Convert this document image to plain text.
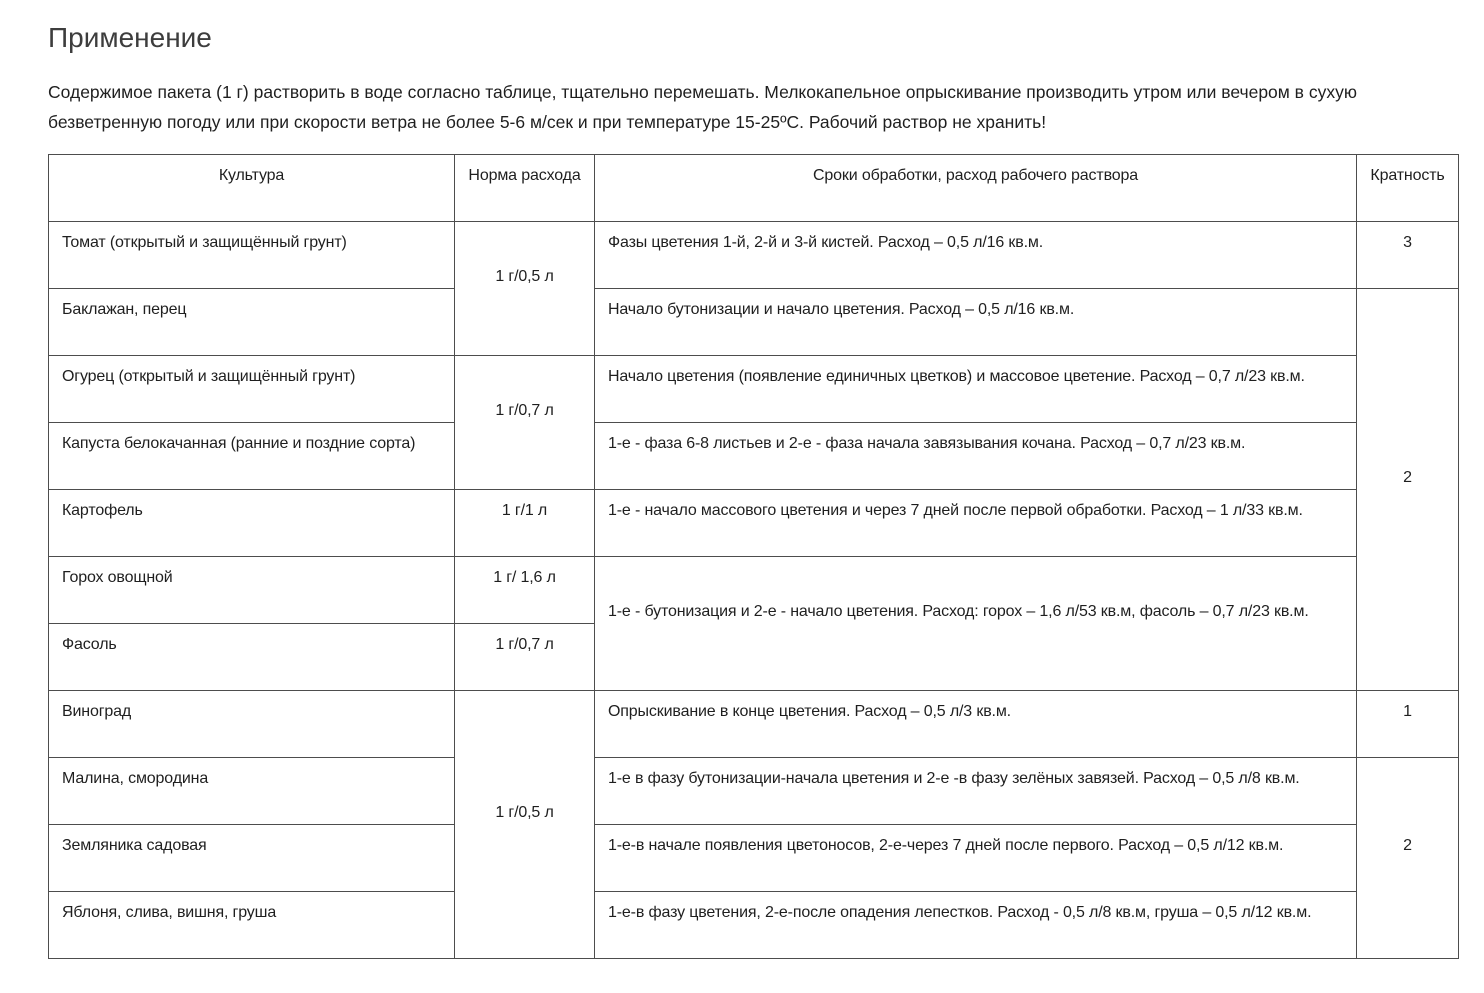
Применение

Содержимое пакета (1 г) растворить в воде согласно таблице, тщательно перемешать. Мелкокапельное опрыскивание производить утром или вечером в сухую безветренную погоду или при скорости ветра не более 5-6 м/сек и при температуре 15-25ºС. Рабочий раствор не хранить!

Культура	Норма расхода	Сроки обработки, расход рабочего раствора	Кратность
Томат (открытый и защищённый грунт)	1 г/0,5 л	Фазы цветения 1-й, 2-й и 3-й кистей. Расход – 0,5 л/16 кв.м.	3
Баклажан, перец		Начало бутонизации и начало цветения. Расход – 0,5 л/16 кв.м.	2
Огурец (открытый и защищённый грунт)	1 г/0,7 л	Начало цветения (появление единичных цветков) и массовое цветение. Расход – 0,7 л/23 кв.м.	
Капуста белокачанная (ранние и поздние сорта)		1-е - фаза 6-8 листьев и 2-е - фаза начала завязывания кочана. Расход – 0,7 л/23 кв.м.	
Картофель	1 г/1 л	1-е - начало массового цветения и через 7 дней после первой обработки. Расход – 1 л/33 кв.м.	
Горох овощной	1 г/ 1,6 л	1-е - бутонизация и 2-е - начало цветения. Расход: горох – 1,6 л/53 кв.м, фасоль – 0,7 л/23 кв.м.	
Фасоль	1 г/0,7 л		
Виноград	1 г/0,5 л	Опрыскивание в конце цветения. Расход – 0,5 л/3 кв.м.	1
Малина, смородина		1-е в фазу бутонизации-начала цветения и 2-е -в фазу зелёных завязей. Расход – 0,5 л/8 кв.м.	2
Земляника садовая		1-е-в начале появления цветоносов, 2-е-через 7 дней после первого. Расход – 0,5 л/12 кв.м.	
Яблоня, слива, вишня, груша		1-е-в фазу цветения, 2-е-после опадения лепестков. Расход - 0,5 л/8 кв.м, груша – 0,5 л/12 кв.м.	
